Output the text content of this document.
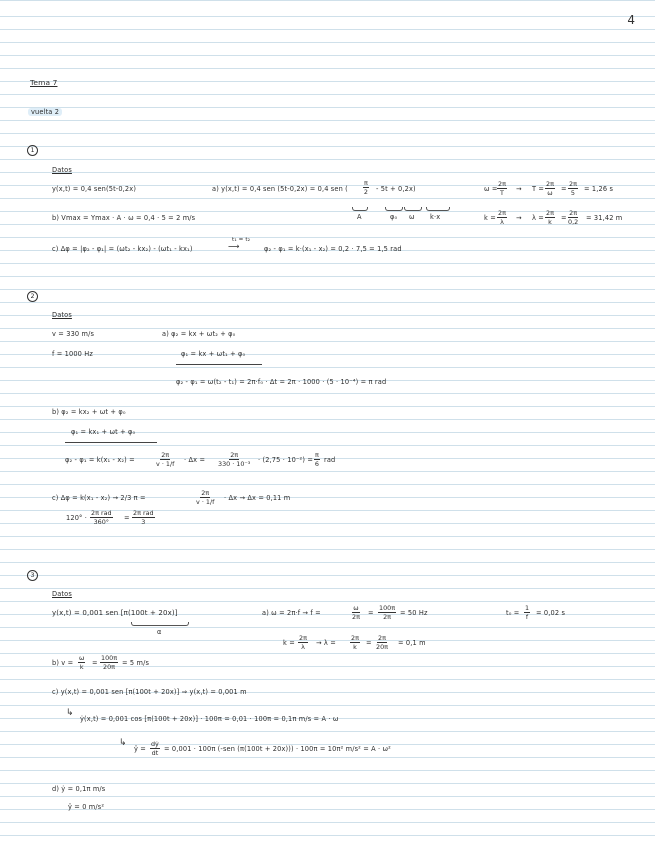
4
Tema 7
vuelta 2
1
Datos
y(x,t) = 0,4 sen(5t-0,2x)	a) y(x,t) = 0,4 sen (5t-0,2x) = 0,4 sen ( $\frac{\pi}{2} - 5t + 0,2x$)
A	φ₀ ω k·x
$\omega = \frac{2\pi}{T} \to T = \frac{2\pi}{\omega} = \frac{2\pi}{5} = 1,26$ s
b) Vmax = Ymax · A · ω = 0,4 · 5 = 2 m/s	$k = \frac{2\pi}{\lambda} \to \lambda = \frac{2\pi}{k} = \frac{2\pi}{0,2} = 31,42$ m
c) Δφ = |φ₂ - φ₁| = (ωt₂ - kx₂) - (ωt₁ - kx₁)
t₁ = t₂
⟶	φ₂ - φ₁ = k·(x₁ - x₂) = 0,2 · 7,5 = 1,5 rad
2
Datos
v = 330 m/s
f = 1000 Hz
a) φ₂ = kx + ωt₂ + φ₀
φ₁ = kx + ωt₁ + φ₀
φ₂ - φ₁ = ω(t₂ - t₁) = 2π·f₀ · Δt = 2π · 1000 · (5 · 10⁻⁴) = π rad
b) φ₂ = kx₂ + ωt + φ₀
φ₁ = kx₁ + ωt + φ₀
φ₂ - φ₁ = k(x₁ - x₂) =	$\frac{2\pi}{v \cdot 1/f} \cdot \Delta x = \frac{2\pi}{\text{330 · 10⁻³}} \cdot (2,75 \cdot 10^{-2}) = \frac{\pi}{6}$ rad
c) Δφ = k(x₁ - x₂) → 2/3 π =	$\frac{2\pi}{v \cdot 1/f} \cdot \Delta x \to \Delta x = 0,11$ m
120° ·
2π rad
360° =
2π rad
3
3
Datos
y(x,t) = 0,001 sen [π(100t + 20x)]
α
a) ω = 2π·f → f =	$\frac{\omega}{2\pi} = \frac{100\pi}{2\pi} = 50$ Hz	$t_0 = \frac{1}{f} = 0,02$ s
$k = \frac{2\pi}{\lambda} \to \lambda = \frac{2\pi}{k} = \frac{2\pi}{20\pi} = 0,1$ m
b) $v = \frac{\omega}{k} = \frac{100\pi}{20\pi} = 5$ m/s
c) y(x,t) = 0,001 sen [π(100t + 20x)] ⇒ y(x,t) = 0,001 m
↳
ẏ(x,t) = 0,001 cos [π(100t + 20x)] · 100π = 0,01 · 100π = 0,1π m/s = A · ω
↳
ÿ = $\frac{\text{dẏ}}{dt} = 0,001 \cdot 100\pi$ (-sen (π(100t + 20x))) · 100π = 10π² m/s² = A · ω²
d) ẏ = 0,1π m/s
ÿ = 0 m/s²
